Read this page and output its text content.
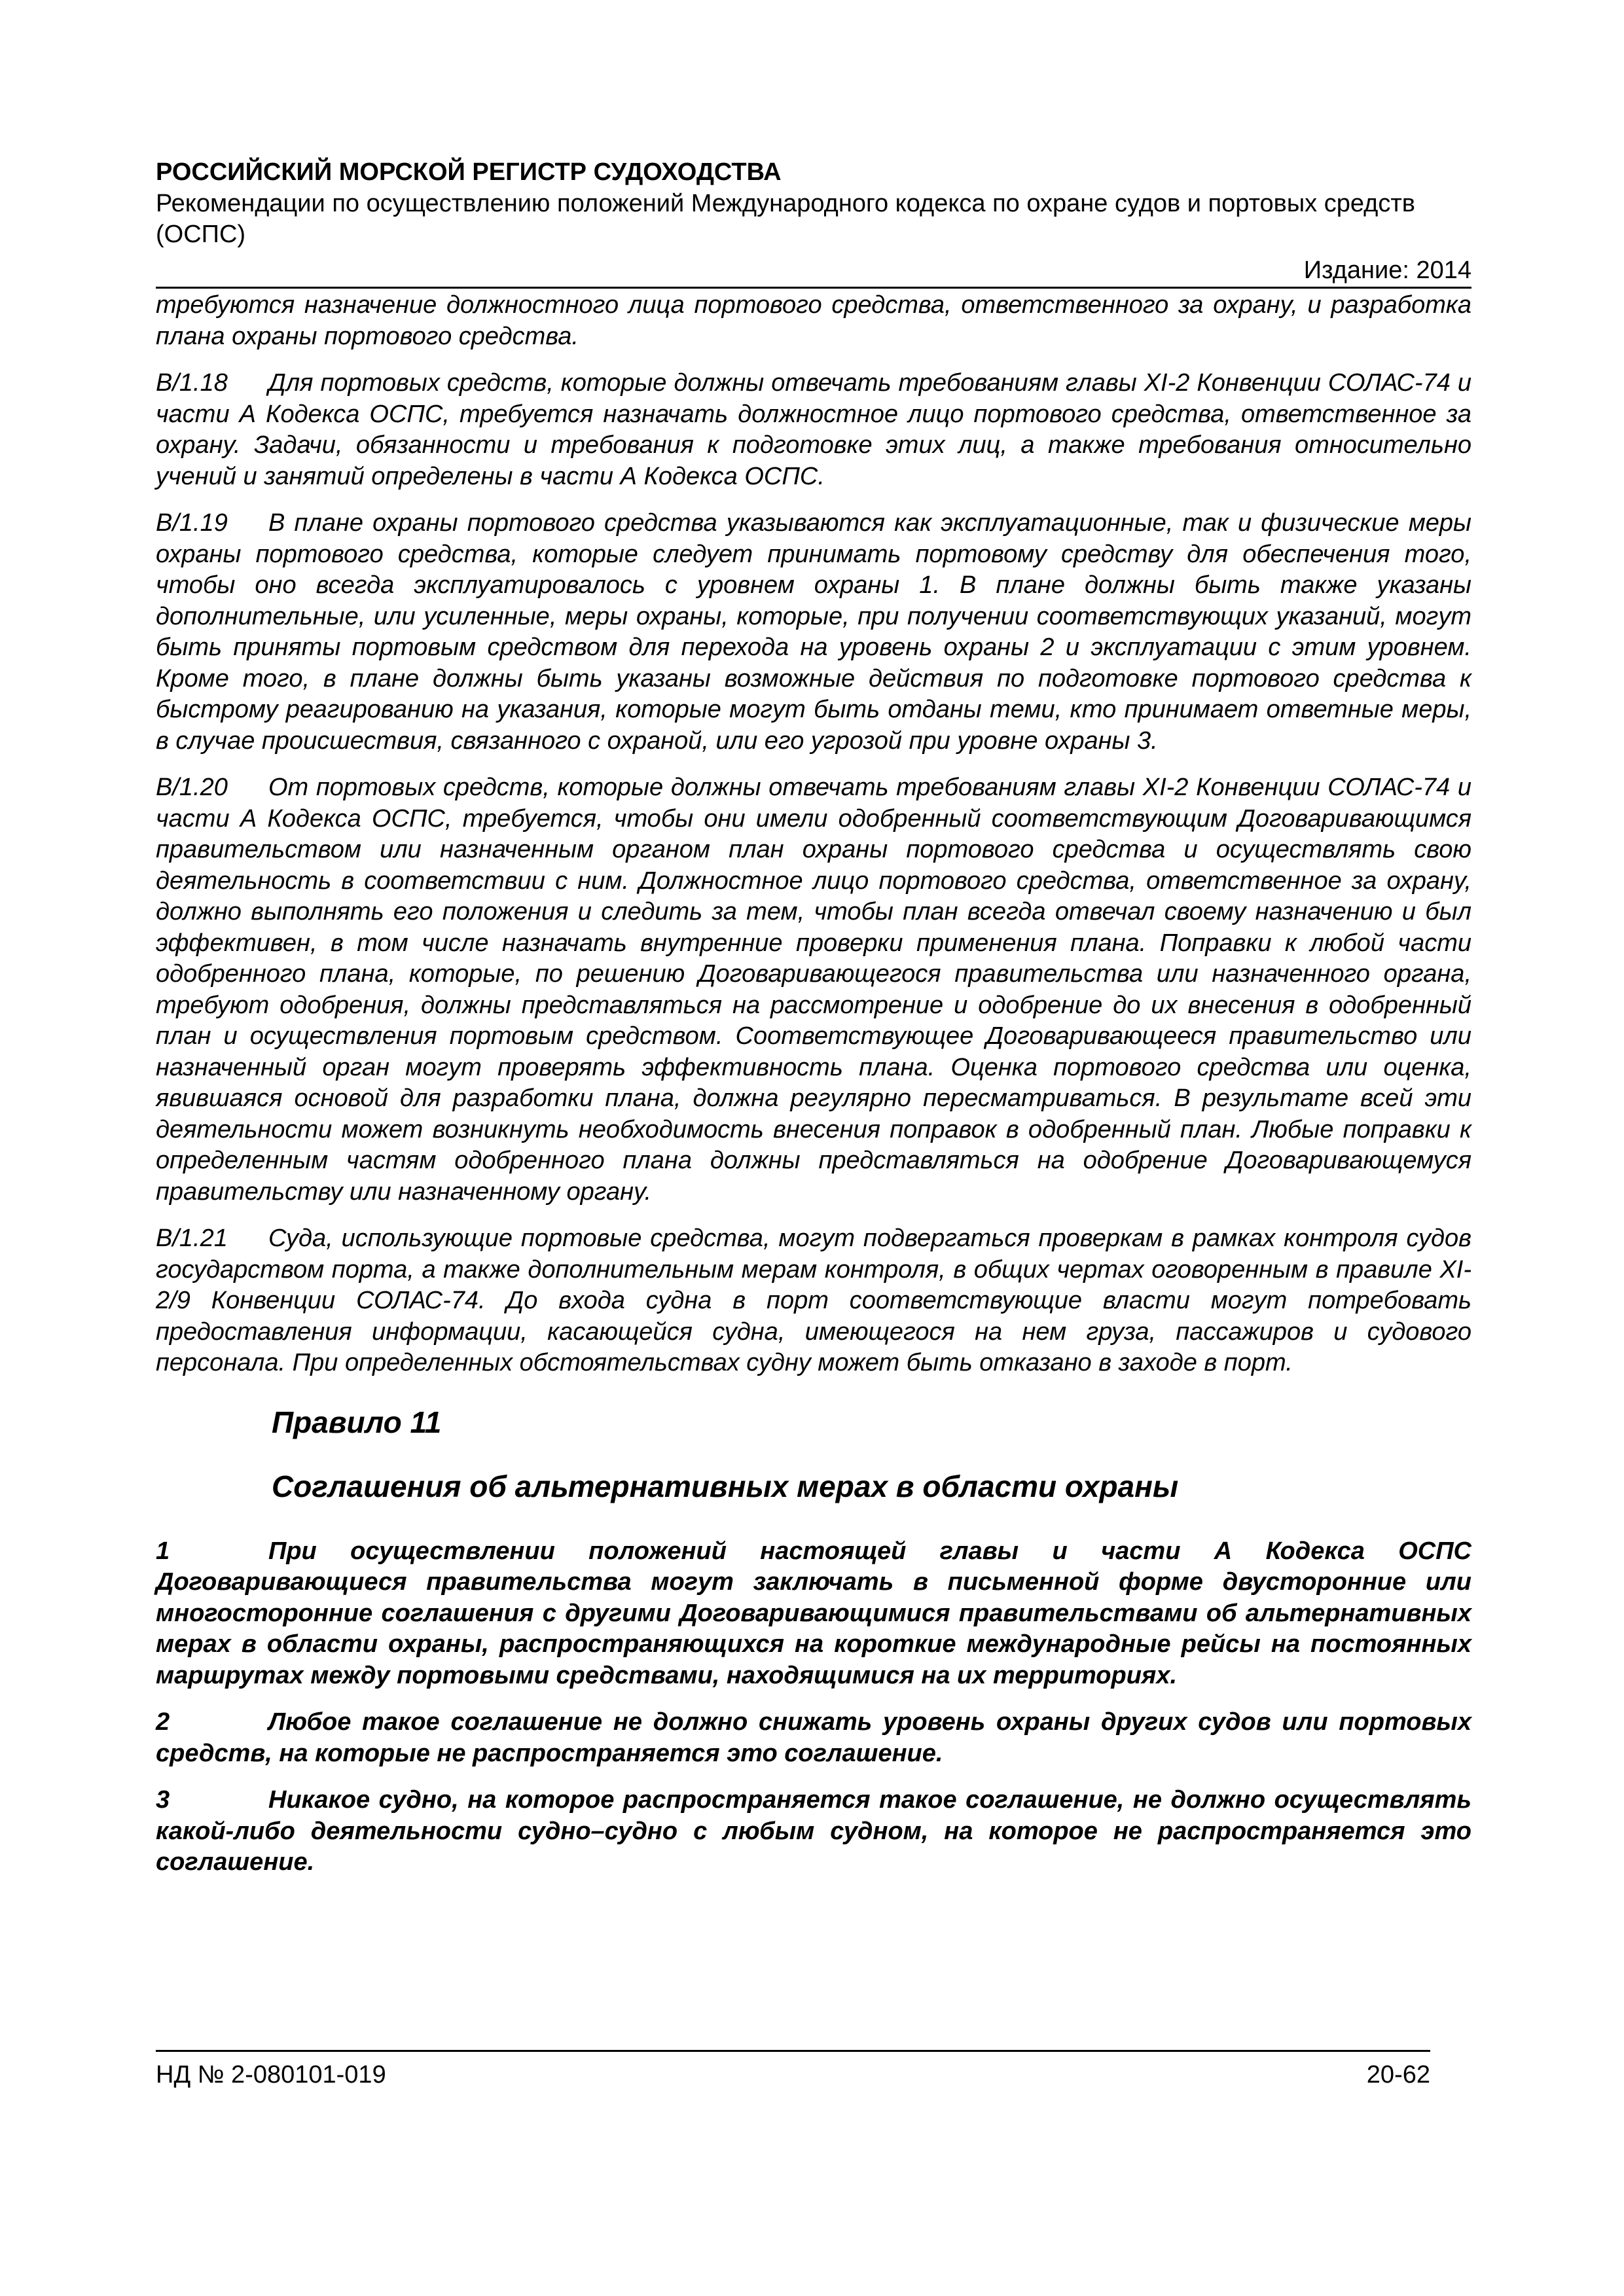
РОССИЙСКИЙ МОРСКОЙ РЕГИСТР СУДОХОДСТВА
Рекомендации по осуществлению положений Международного кодекса по охране судов и портовых средств (ОСПС)
Издание: 2014

требуются назначение должностного лица портового средства, ответственного за охрану, и разработка плана охраны портового средства.

B/1.18 Для портовых средств, которые должны отвечать требованиям главы XI-2 Конвенции СОЛАС-74 и части А Кодекса ОСПС, требуется назначать должностное лицо портового средства, ответственное за охрану. Задачи, обязанности и требования к подготовке этих лиц, а также требования относительно учений и занятий определены в части А Кодекса ОСПС.

B/1.19 В плане охраны портового средства указываются как эксплуатационные, так и физические меры охраны портового средства, которые следует принимать портовому средству для обеспечения того, чтобы оно всегда эксплуатировалось с уровнем охраны 1. В плане должны быть также указаны дополнительные, или усиленные, меры охраны, которые, при получении соответствующих указаний, могут быть приняты портовым средством для перехода на уровень охраны 2 и эксплуатации с этим уровнем. Кроме того, в плане должны быть указаны возможные действия по подготовке портового средства к быстрому реагированию на указания, которые могут быть отданы теми, кто принимает ответные меры, в случае происшествия, связанного с охраной, или его угрозой при уровне охраны 3.

B/1.20 От портовых средств, которые должны отвечать требованиям главы XI-2 Конвенции СОЛАС-74 и части А Кодекса ОСПС, требуется, чтобы они имели одобренный соответствующим Договаривающимся правительством или назначенным органом план охраны портового средства и осуществлять свою деятельность в соответствии с ним. Должностное лицо портового средства, ответственное за охрану, должно выполнять его положения и следить за тем, чтобы план всегда отвечал своему назначению и был эффективен, в том числе назначать внутренние проверки применения плана. Поправки к любой части одобренного плана, которые, по решению Договаривающегося правительства или назначенного органа, требуют одобрения, должны представляться на рассмотрение и одобрение до их внесения в одобренный план и осуществления портовым средством. Соответствующее Договаривающееся правительство или назначенный орган могут проверять эффективность плана. Оценка портового средства или оценка, явившаяся основой для разработки плана, должна регулярно пересматриваться. В результате всей эти деятельности может возникнуть необходимость внесения поправок в одобренный план. Любые поправки к определенным частям одобренного плана должны представляться на одобрение Договаривающемуся правительству или назначенному органу.

B/1.21 Суда, использующие портовые средства, могут подвергаться проверкам в рамках контроля судов государством порта, а также дополнительным мерам контроля, в общих чертах оговоренным в правиле XI-2/9 Конвенции СОЛАС-74. До входа судна в порт соответствующие власти могут потребовать предоставления информации, касающейся судна, имеющегося на нем груза, пассажиров и судового персонала. При определенных обстоятельствах судну может быть отказано в заходе в порт.

Правило 11
Соглашения об альтернативных мерах в области охраны

1	При осуществлении положений настоящей главы и части А Кодекса ОСПС Договаривающиеся правительства могут заключать в письменной форме двусторонние или многосторонние соглашения с другими Договаривающимися правительствами об альтернативных мерах в области охраны, распространяющихся на короткие международные рейсы на постоянных маршрутах между портовыми средствами, находящимися на их территориях.

2	Любое такое соглашение не должно снижать уровень охраны других судов или портовых средств, на которые не распространяется это соглашение.

3	Никакое судно, на которое распространяется такое соглашение, не должно осуществлять какой-либо деятельности судно–судно с любым судном, на которое не распространяется это соглашение.

НД № 2-080101-019	20-62
